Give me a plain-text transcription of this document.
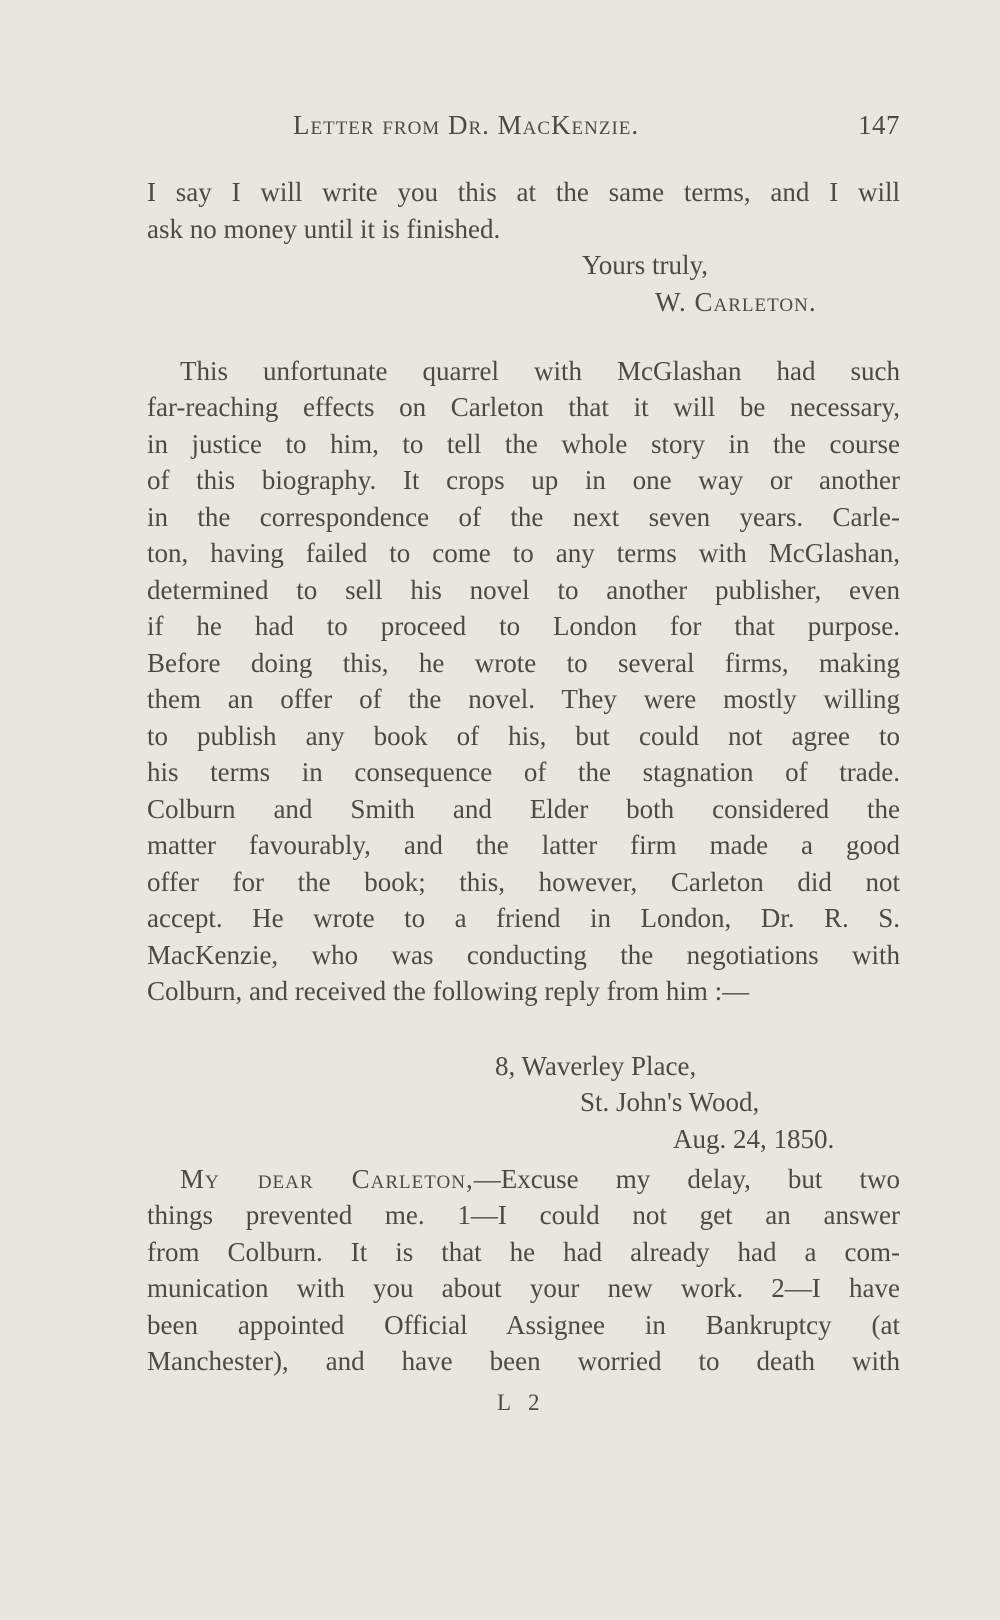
Letter from Dr. MacKenzie.	147
I say I will write you this at the same terms, and I will
ask no money until it is finished.
Yours truly,
W. Carleton.
This unfortunate quarrel with McGlashan had such
far-reaching effects on Carleton that it will be necessary,
in justice to him, to tell the whole story in the course
of this biography. It crops up in one way or another
in the correspondence of the next seven years. Carle-
ton, having failed to come to any terms with McGlashan,
determined to sell his novel to another publisher, even
if he had to proceed to London for that purpose.
Before doing this, he wrote to several firms, making
them an offer of the novel. They were mostly willing
to publish any book of his, but could not agree to
his terms in consequence of the stagnation of trade.
Colburn and Smith and Elder both considered the
matter favourably, and the latter firm made a good
offer for the book; this, however, Carleton did not
accept. He wrote to a friend in London, Dr. R. S.
MacKenzie, who was conducting the negotiations with
Colburn, and received the following reply from him :—
8, Waverley Place,
St. John's Wood,
Aug. 24, 1850.
My dear Carleton,—Excuse my delay, but two
things prevented me. 1—I could not get an answer
from Colburn. It is that he had already had a com-
munication with you about your new work. 2—I have
been appointed Official Assignee in Bankruptcy (at
Manchester), and have been worried to death with
L 2
